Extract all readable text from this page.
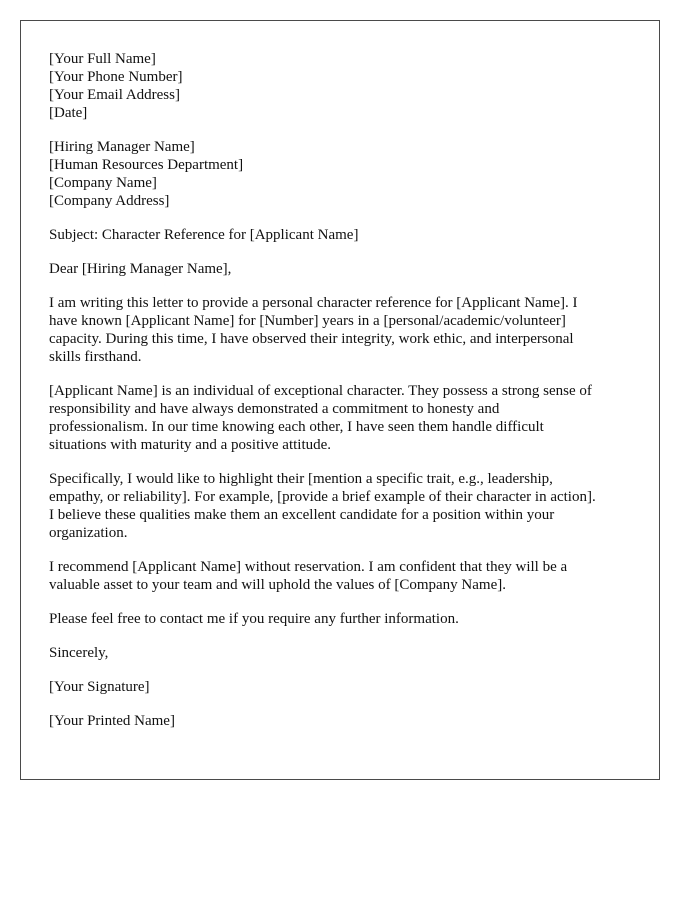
[Your Full Name]
[Your Phone Number]
[Your Email Address]
[Date]
[Hiring Manager Name]
[Human Resources Department]
[Company Name]
[Company Address]

Subject: Character Reference for [Applicant Name]

Dear [Hiring Manager Name],

I am writing this letter to provide a personal character reference for [Applicant Name]. I
have known [Applicant Name] for [Number] years in a [personal/academic/volunteer]
capacity. During this time, I have observed their integrity, work ethic, and interpersonal
skills firsthand.
[Applicant Name] is an individual of exceptional character. They possess a strong sense of
responsibility and have always demonstrated a commitment to honesty and
professionalism. In our time knowing each other, I have seen them handle difficult
situations with maturity and a positive attitude.
Specifically, I would like to highlight their [mention a specific trait, e.g., leadership,
empathy, or reliability]. For example, [provide a brief example of their character in action].
I believe these qualities make them an excellent candidate for a position within your
organization.
I recommend [Applicant Name] without reservation. I am confident that they will be a
valuable asset to your team and will uphold the values of [Company Name].
Please feel free to contact me if you require any further information.

Sincerely,

[Your Signature]

[Your Printed Name]
